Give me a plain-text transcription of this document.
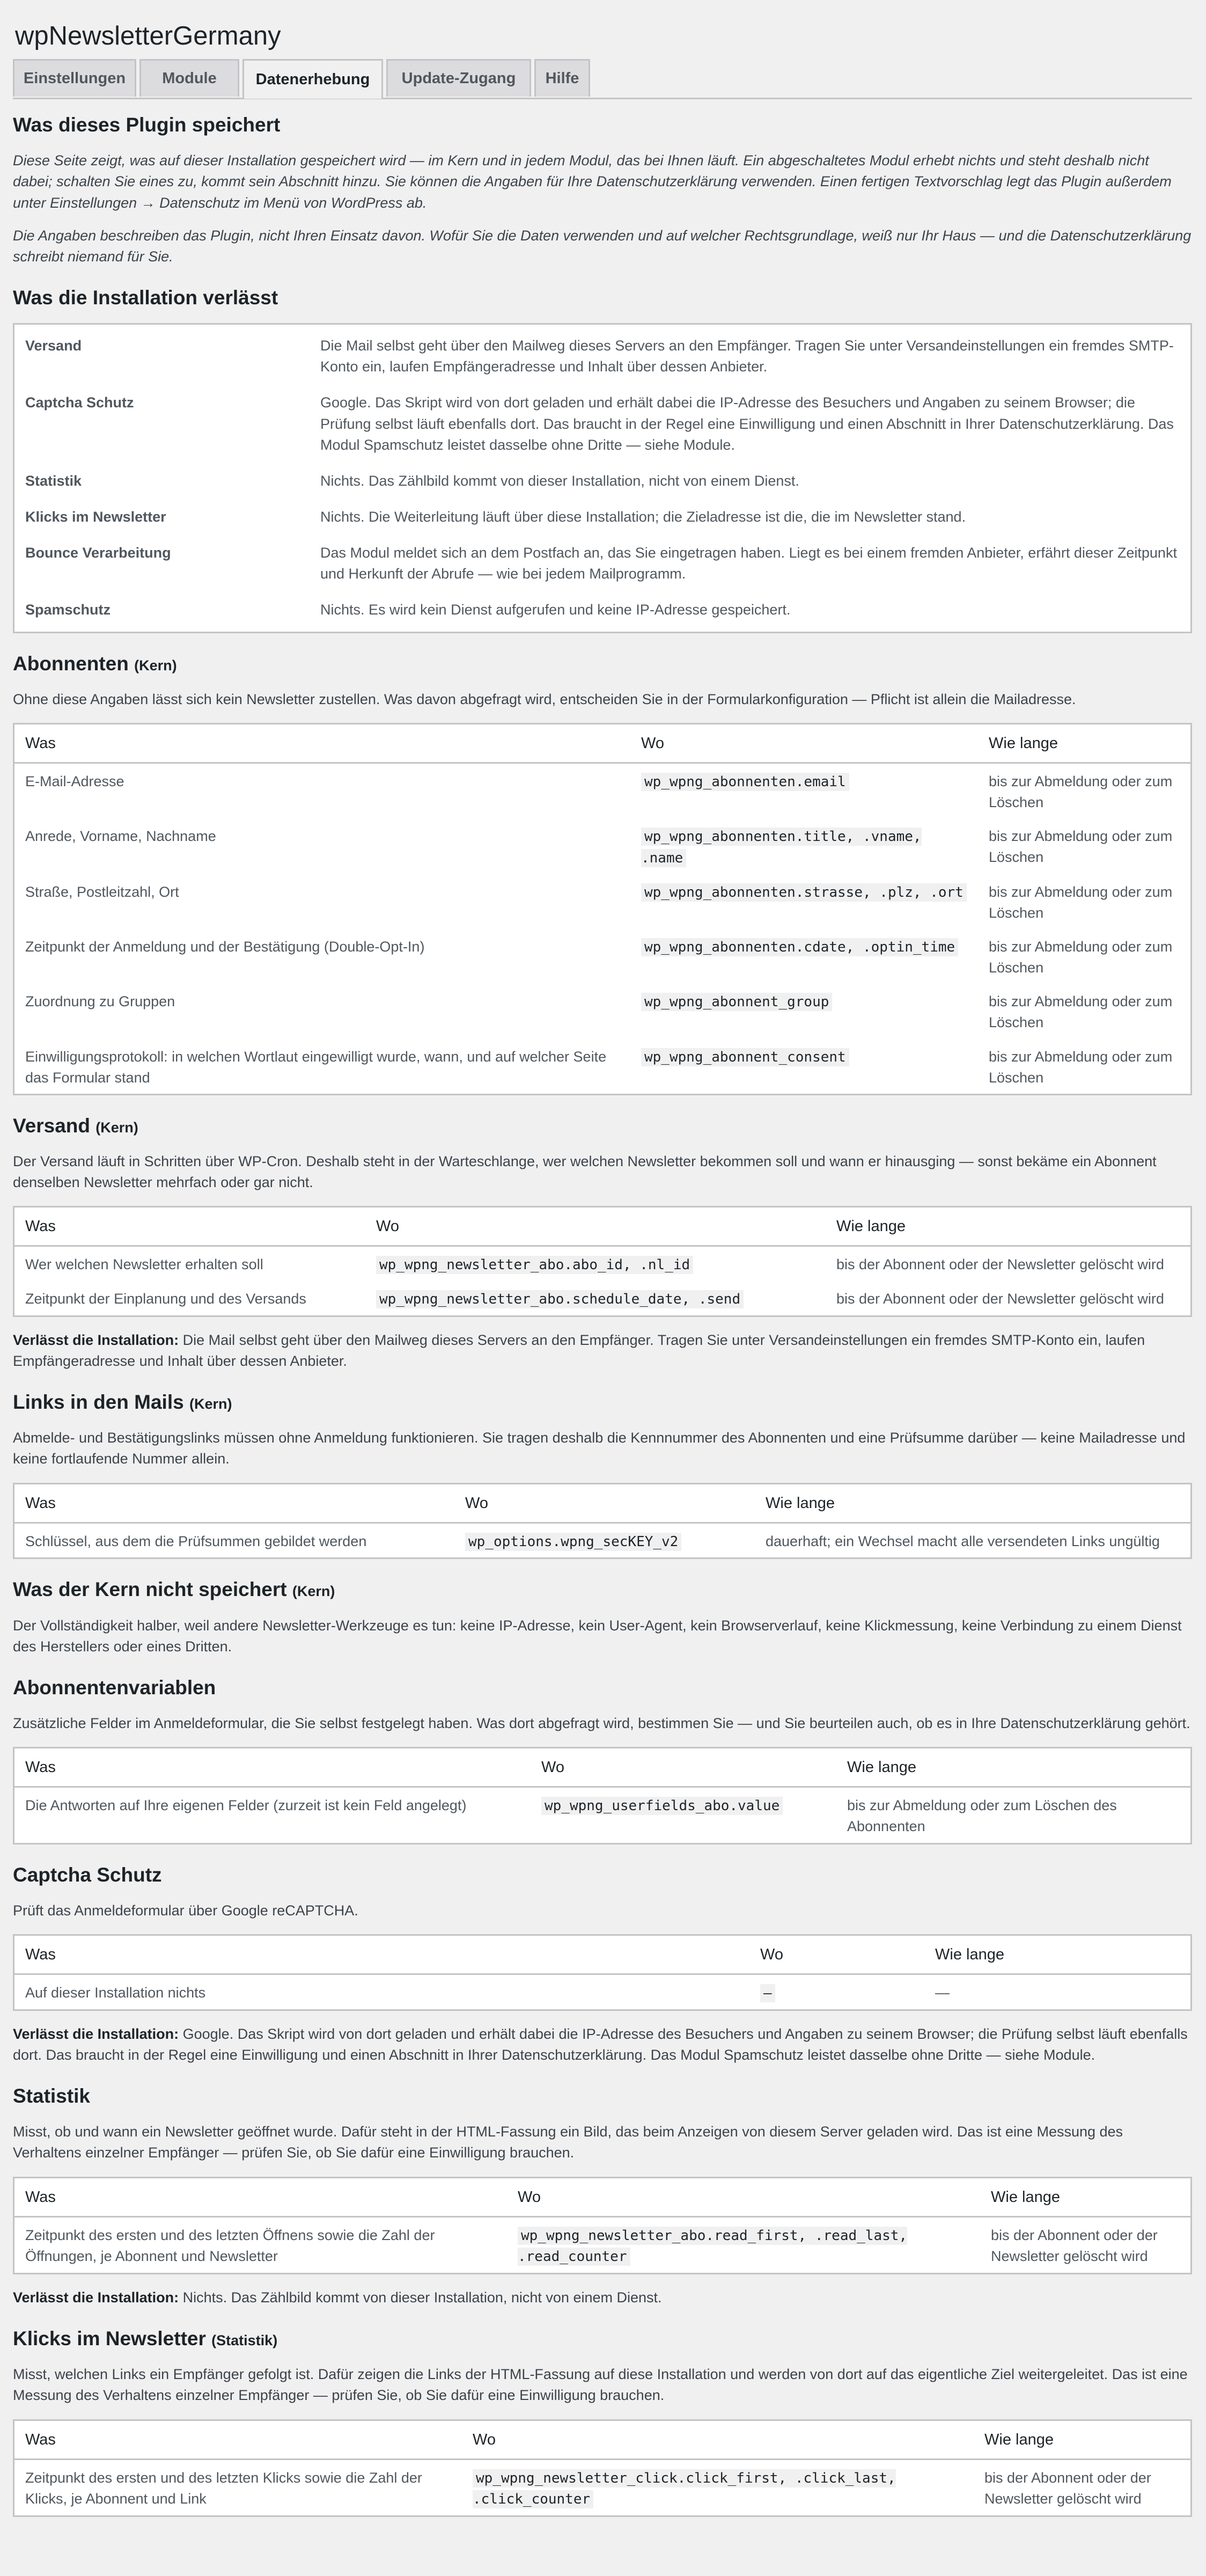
wpNewsletterGermany
Einstellungen	Module	Datenerhebung	Update-Zugang	Hilfe
Was dieses Plugin speichert

Diese Seite zeigt, was auf dieser Installation gespeichert wird — im Kern und in jedem Modul, das bei Ihnen läuft. Ein abgeschaltetes Modul erhebt nichts und steht deshalb nicht dabei; schalten Sie eines zu, kommt sein Abschnitt hinzu. Sie können die Angaben für Ihre Datenschutzerklärung verwenden. Einen fertigen Textvorschlag legt das Plugin außerdem unter Einstellungen → Datenschutz im Menü von WordPress ab.

Die Angaben beschreiben das Plugin, nicht Ihren Einsatz davon. Wofür Sie die Daten verwenden und auf welcher Rechtsgrundlage, weiß nur Ihr Haus — und die Datenschutzerklärung schreibt niemand für Sie.

Was die Installation verlässt
Versand	Die Mail selbst geht über den Mailweg dieses Servers an den Empfänger. Tragen Sie unter Versandeinstellungen ein fremdes SMTP-Konto ein, laufen Empfängeradresse und Inhalt über dessen Anbieter.
Captcha Schutz	Google. Das Skript wird von dort geladen und erhält dabei die IP-Adresse des Besuchers und Angaben zu seinem Browser; die Prüfung selbst läuft ebenfalls dort. Das braucht in der Regel eine Einwilligung und einen Abschnitt in Ihrer Datenschutzerklärung. Das Modul Spamschutz leistet dasselbe ohne Dritte — siehe Module.
Statistik	Nichts. Das Zählbild kommt von dieser Installation, nicht von einem Dienst.
Klicks im Newsletter	Nichts. Die Weiterleitung läuft über diese Installation; die Zieladresse ist die, die im Newsletter stand.
Bounce Verarbeitung	Das Modul meldet sich an dem Postfach an, das Sie eingetragen haben. Liegt es bei einem fremden Anbieter, erfährt dieser Zeitpunkt und Herkunft der Abrufe — wie bei jedem Mailprogramm.
Spamschutz	Nichts. Es wird kein Dienst aufgerufen und keine IP-Adresse gespeichert.
Abonnenten (Kern)

Ohne diese Angaben lässt sich kein Newsletter zustellen. Was davon abgefragt wird, entscheiden Sie in der Formularkonfiguration — Pflicht ist allein die Mailadresse.

Was	Wo	Wie lange
E-Mail-Adresse	wp_wpng_abonnenten.email	bis zur Abmeldung oder zum Löschen
Anrede, Vorname, Nachname	wp_wpng_abonnenten.title, .vname, .name	bis zur Abmeldung oder zum Löschen
Straße, Postleitzahl, Ort	wp_wpng_abonnenten.strasse, .plz, .ort	bis zur Abmeldung oder zum Löschen
Zeitpunkt der Anmeldung und der Bestätigung (Double-Opt-In)	wp_wpng_abonnenten.cdate, .optin_time	bis zur Abmeldung oder zum Löschen
Zuordnung zu Gruppen	wp_wpng_abonnent_group	bis zur Abmeldung oder zum Löschen
Einwilligungsprotokoll: in welchen Wortlaut eingewilligt wurde, wann, und auf welcher Seite das Formular stand	wp_wpng_abonnent_consent	bis zur Abmeldung oder zum Löschen
Versand (Kern)

Der Versand läuft in Schritten über WP-Cron. Deshalb steht in der Warteschlange, wer welchen Newsletter bekommen soll und wann er hinausging — sonst bekäme ein Abonnent denselben Newsletter mehrfach oder gar nicht.

Was	Wo	Wie lange
Wer welchen Newsletter erhalten soll	wp_wpng_newsletter_abo.abo_id, .nl_id	bis der Abonnent oder der Newsletter gelöscht wird
Zeitpunkt der Einplanung und des Versands	wp_wpng_newsletter_abo.schedule_date, .send	bis der Abonnent oder der Newsletter gelöscht wird

Verlässt die Installation: Die Mail selbst geht über den Mailweg dieses Servers an den Empfänger. Tragen Sie unter Versandeinstellungen ein fremdes SMTP-Konto ein, laufen Empfängeradresse und Inhalt über dessen Anbieter.

Links in den Mails (Kern)

Abmelde- und Bestätigungslinks müssen ohne Anmeldung funktionieren. Sie tragen deshalb die Kennnummer des Abonnenten und eine Prüfsumme darüber — keine Mailadresse und keine fortlaufende Nummer allein.

Was	Wo	Wie lange
Schlüssel, aus dem die Prüfsummen gebildet werden	wp_options.wpng_secKEY_v2	dauerhaft; ein Wechsel macht alle versendeten Links ungültig
Was der Kern nicht speichert (Kern)

Der Vollständigkeit halber, weil andere Newsletter-Werkzeuge es tun: keine IP-Adresse, kein User-Agent, kein Browserverlauf, keine Klickmessung, keine Verbindung zu einem Dienst des Herstellers oder eines Dritten.

Abonnentenvariablen

Zusätzliche Felder im Anmeldeformular, die Sie selbst festgelegt haben. Was dort abgefragt wird, bestimmen Sie — und Sie beurteilen auch, ob es in Ihre Datenschutzerklärung gehört.

Was	Wo	Wie lange
Die Antworten auf Ihre eigenen Felder (zurzeit ist kein Feld angelegt)	wp_wpng_userfields_abo.value	bis zur Abmeldung oder zum Löschen des Abonnenten
Captcha Schutz

Prüft das Anmeldeformular über Google reCAPTCHA.

Was	Wo	Wie lange
Auf dieser Installation nichts	—	—

Verlässt die Installation: Google. Das Skript wird von dort geladen und erhält dabei die IP-Adresse des Besuchers und Angaben zu seinem Browser; die Prüfung selbst läuft ebenfalls dort. Das braucht in der Regel eine Einwilligung und einen Abschnitt in Ihrer Datenschutzerklärung. Das Modul Spamschutz leistet dasselbe ohne Dritte — siehe Module.

Statistik

Misst, ob und wann ein Newsletter geöffnet wurde. Dafür steht in der HTML-Fassung ein Bild, das beim Anzeigen von diesem Server geladen wird. Das ist eine Messung des Verhaltens einzelner Empfänger — prüfen Sie, ob Sie dafür eine Einwilligung brauchen.

Was	Wo	Wie lange
Zeitpunkt des ersten und des letzten Öffnens sowie die Zahl der Öffnungen, je Abonnent und Newsletter	wp_wpng_newsletter_abo.read_first, .read_last, .read_counter	bis der Abonnent oder der Newsletter gelöscht wird

Verlässt die Installation: Nichts. Das Zählbild kommt von dieser Installation, nicht von einem Dienst.

Klicks im Newsletter (Statistik)

Misst, welchen Links ein Empfänger gefolgt ist. Dafür zeigen die Links der HTML-Fassung auf diese Installation und werden von dort auf das eigentliche Ziel weitergeleitet. Das ist eine Messung des Verhaltens einzelner Empfänger — prüfen Sie, ob Sie dafür eine Einwilligung brauchen.

Was	Wo	Wie lange
Zeitpunkt des ersten und des letzten Klicks sowie die Zahl der Klicks, je Abonnent und Link	wp_wpng_newsletter_click.click_first, .click_last, .click_counter	bis der Abonnent oder der Newsletter gelöscht wird
